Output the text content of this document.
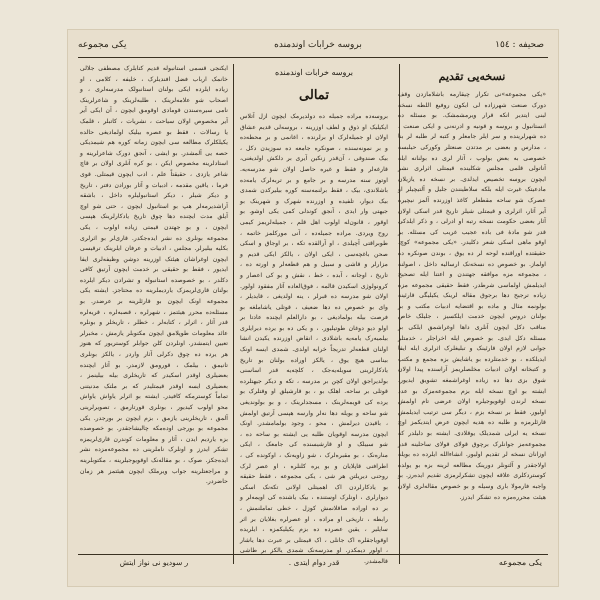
صحیفه : ١٥٤
بروسه خرابات اوندمنده
يكى مجموعه
نسخه‌یی تقدیم

«یکی مجموعه»نی تکرار چیقارمه باشلامازدن وقف دورک صنعت شهرزاده لی ابکون روفیع اللطه نسخه لبنی ایتدیر انکه قرار ویرمشمشک. بو مسئله ده انستانبول و بروسه و قونیه و ادرنه‌نی و ایکی صنعت ، ده شهرلرینده و سر ایلر جامعلر و کتبه لر طلبه لر بنا ، مدارس و بعضی بر مدتدن صنعتلر وکورکی حیلبسه خصوصی به‌ بعض بولوب ، آثار لری ده بولنانه ایله آناتولی قلمی‌ مجلس شکلینده قیمتلی اثرلری نشر ایچون بروسه تخصیص ایدلدی. بر نسخه ده یازیلان مادعیتک غیرت ایله بلکه سلاطینندن جلیل و آلتیچیلر او عصرک شو ساحه مقطعلر کاغذ اوزرنده آلمز نیچیره آیر آثار، اثرلری و قیمتلی شیلر تاریخ قدر اسکی اولان آثار بعضی حکومت نسخه رتبه او ادرلی ، و ذکر ایلدکی قدر شو مادهٔ فی باده عجیب غریب کی مسئله. بر اوقو ماهی اسکی شعر دکلیدر. «یکی مجموعه» کوچ. حقیقتده اوراقنده لوحه لر ده یوق ، بوندن صونکره ده اولماز. بو خصوص ده نسخه‌نک ارسالیه داخل ، اصولنه ، مجموعه مزه موافقه جهتندن و اعتنا ایله تصحیح ایدیلمش اولماسی شرطدر. فقط حقیقی مجموعه مزه زیاده ترجیح دها برجوق مقاله لرینک یکیلیگی قارئینه‌ بولونمه‌ مثال و ماده بو اقتضایه ادبیات مکتب و بر بولنان دروس ایچون خدمت ایلکسیز ، جلیلک خاص مناقب دکل ایچون آنلری داها اوغراشمق ایلکی بر مسئله دکل ایدی. بو خصوص ایله اخراجلر ، خدمتلر جوابی لازم اولان قارئینک و تبلیغلرک اثرلری ایله ایفا ایدیلکده ، بو خدمتلرده بو یاشایش بزه مجمع و مکتب و کتبخانه اولان ادبیات مخلصلریمز آراسنده پیدا اولان شوق بزی دها ده زیاده اوغراشمغه تشویق ایدیور. ایشته بو اوچ نسخه ایله بزم مجموعه‌مزک بو عدد نسخه لرندن اوقویوجیلره اولان عرضی تام اولمش اولیور. فقط بر نسخه بزم ، دیگر سی ترتیب ایدیلمش قارئلرمزه و طلبه ده هدیه ایچون عرض ایتدیکمز اوچ نسخه یه ایرلی شمدیلک یوقلادی. ایشته بو دلیلدر که مجموعه‌مز جوانلرک برچوق قولای قولای ساحلینه قدر اوزانان نسخه لر تقدیم اولیور. انشاءالله ایلرده ده بویله اولاجقدر و آلتونلر دورینک مطالعه‌ لرینه بزه بو یولده کوستردکلری علاقه ایچون تشکرلرمزی تقدیم ایده‌رز. بو واجبه فارمولا باری وسیله و بو خصوص مقاله‌لری اولان هیئت محرره‌مزه ده تشکر ایدرز.

يكى مجموعه
بروسه خرابات اوندمنده
تمالی

بروسه‌ده مراده جمیله ده دولدیرمک ایچون ازل آتلاس ایکیلیک او ذوق و لطف اوزرینه ، بروسه‌لی قدیم عشاق اولان او جمیله‌لرک او برلرنده ، اغانمی و بر محطه‌ده و بر نمونه‌سنده ، صونکره جامعه ده سوزیدن دکل ، بیک صندوقی ، آن‌قدر زنکین آیری بر دلکش اولدیغنی، قارغه‌لر و فقط و غیره حاصل اولان شو مدرسه‌یه. اوتوز سنه مدرسه و بر جامع و بر تربه‌لرک یامه‌ده باشلاندی، بیک ، فقط برلنمه‌سنه کوره بیلیرکدن شمدی بیک دیوار، تلفیده و اوزرنده شهرک و شهرینک بو جیهتی وار ایدی ، آنجق کوندلی کمی یکی اوشو. بو اوقور ، قانون‌له اولوب اهل قلم ، جمیله‌لریمز کیمی روح ویردی. مراده جمیله‌ده ، آنی مورکلمز خاتمه ، طوبراقتی آچیلدی ، او آرالقده تکه ، بر اوجاق و اسکی صحن باغچه‌سی ، ایکی اولان ، یالکز ایکی قدیم و مزارلر و قاشی و سبیل و هم قطعه‌لر و اورته ده ، تاریخ ، اوجانه ، آبده ، خط ، نقش و بو کی اعصار و کرونولوژی اسکیدن قالمه ، فوق‌العاده آثار مفقود اولور. اولان شو مدرسه ده قبرلر ، ینه اولدیغی ، قایدیلر ، وای بو خصوص ده دها ضعیف ، قوتلی یاشاملغه بو فرصت بیله بولمادیغی ، بو دارالعلم ایچنده عادتا بر اولو دیو دوغان طوتیلیور. ، و یکی ده بو یرده دیرایلری بیلمیه‌رک یامه‌یه باشلادی ، انقاض اوزرنده یکیدن انشا اولنان قطعه‌لر تدریجاً خرابه اولدی. شمدی ایسه اونک بیناسی هیچ یوق ، یالکز اوراده بولنان بو تاریخ یادکارلرینی سویله‌یه‌جک ، کلچه‌یه قدر اساسنی بولدیراجق اولان کچن بر مدرسه ، تکه و دیکر جیهتلرده قوتلی بر ساحه. اهلک بو ، بو قارشیلق او وقتلرک بو یرده کی قویمه‌لرینک ، مسجدلرینک ، و بو بولوندیغی شو ساحه و بویله دها نه‌لر وارسه هپسی آرتیق اولمش ، باقیدن دیرلمش ، محو ، وجود بولمامشدر. اونک ایچون مدرسه اوقویان طلبه یی ایشته بو ساحه ده ، شو سبیلک و او قارشیسنده کی جامعک ، ایکی مناره‌نک ، بو مقبره‌لرک ، شو زاویه‌نک ، اوکونده کی ، اطرافنی قاپلایان و بو یره کلنلره ، او عصر لرک روحنی دیریلتن هر شی ، یکی مجموعه ، فقط حقیقه بو یادکارلردن اک اهمیتلی اولانی تکه‌نک اسکی دیوارلری ، اونلرک اوستنده ، بیک یاشنده کی اویمه‌لر و بر ده اوراده صاقلانمش کوزل ، خطی تماملنمش ، رابطه ، تاریخی او مراده ، او عصرلره بغلایان بر اثر سایلیر ، یقین عصرده ده بزم یکیلیکمزه ، ایلریده اوقویاجقلره اک جانلی ، اک قیمتلی بر عبرت دها یاشار ، اولور دیمکدر. او مدرسه‌نک شمدی یالکز بر طاشی قالمشدر.

قدر دوام ایتدی .

ایکنجی قسمی استانبوله قدیم کتابلرک مصطفی جلالی خانمک ارباب فضل افندیلرک ، خلیفه ، کلامی ، او زیاده ایلرده ایکی بولنان استانبولک مدرسه‌لری ، و اصحاب شو علامه‌لرینک ، طلبه‌لرینک و شاعرلرینک نامی سیره‌سندن قومادی اوقومق ایچون ، آن ایکی آیر آیر مخصوص اولان سیاحت ، نشریات ، کاتبلر ، قلمک یا رسالات ، فقط بو عصره بیلیک اولمادیغی حالده یکیلکلرک مطالعه سی ایچون زمانه کوره هم شیمدیکی حصه یی آلمشدر. بو ایشی ، آنجق دورک شاعرلرینه و استادلرینه مخصوص ایکن ، بو کره آنلری اولان بر قاچ شاعر یازدی ، حقیقتاً علم ، ادب ایچون قیمتلی. قوی فرما ، یاقین مقدمه ، ادبیات و آثار بورادن دفتر ، تاریخ و دیکر شیلر ، دیکر استانبولیلره داخل ، باشقه آراشدیرمه‌لر هپ بو استانبول ایچون ، حتی شو اوچ آیلق مدت ایچنده دها چوق تاریخ یادکارلرینک هپسی ایچون ، و بو جهتدن قیمتی زیاده اولوب ، یکی مجموعه بونلری ده نشر ایده‌جکدر. قاری‌لر بو اثرلری بکلیه بیلیرلر. مجلس ، ادبیات و عرفان ایلرینک ترقیسی ایچون اوغراشان هیئتک اوزرینه دوشن وظیفه‌لری ایفا ایدیور ، فقط بو حقیقی بر خدمت ایچون آرتیق کافی دکلدر ، بو خصوصده استانبوله و تشرادن دیکر ایلرده بولنان قاری‌لریمزک یاردیملرینه ده محتاجز. ایشته یکی مجموعه اونک ایچون بو قارئلرینه بر عرضدر. بو مسئله‌ده محرر هیئتمز ، شهرلره ، قصبه‌لره ، قریه‌لره قدر آثار ، اثرلر ، کتابه‌لر ، خطلر ، تاریخلر و بونلره عائد معلومات طوپلامق ایچون مکتوبلر یازمش ، مخبرلر تعیین ایتمشدر. اونلردن کلن جوابلر کوستریور که هنوز هر یرده ده چوق دکرلی آثار واردر ، یالکز بونلری تانیمق ، بیلمک ، قورومق لازمدر. بو آثار ایچنده بعضیلری اوقدر اسکیدر که تاریخلری بیله بیلینمز ، بعضیلری ایسه اوقدر قیمتلیدر که بر ملتک مدنیتنی تماماً کوسترمکه کافیدر. ایشته بو اثرلر یاواش یاواش محو اولوب کیدیور ، بونلری قورتارمق ، تصویرلرینی آلمق ، تاریخلرینی یازمق ، بزم ایچون بر بورجدر. یکی مجموعه بو بورجی اوده‌مکه چالیشاجقدر. بو خصوصده بزه یاردیم ایدن ، آثار و معلومات کوندرن قاری‌لریمزه تشکر ایدرز و اونلرک ناملرینی ده مجموعه‌مزده نشر ایده‌جکز. صوک ، بو مقاله‌نک اوقویوجیلرینه ، مکتوبلرینه و مراجعتلرینه جواب ویرملک ایچون هیئتمز هر زمان حاضردر.

ر سودیو نی نواز ایتش
